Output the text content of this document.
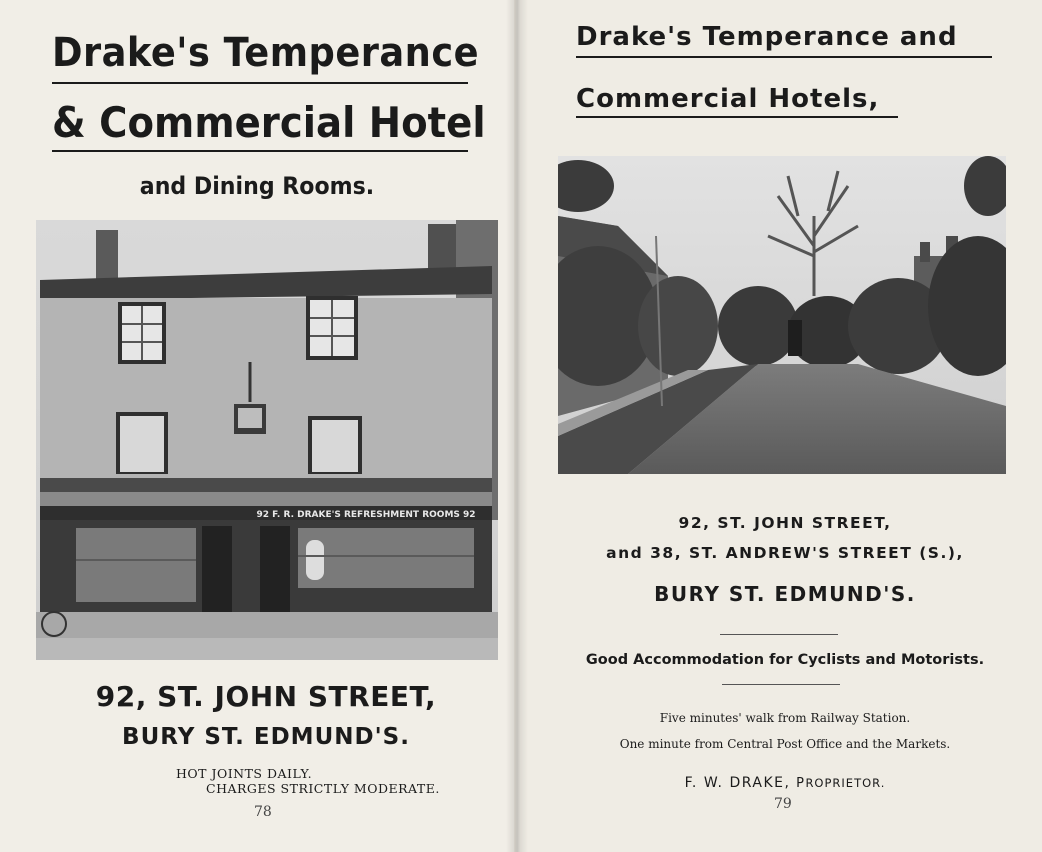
Drake's Temperance
& Commercial Hotel
and Dining Rooms.
92 F. R. DRAKE'S REFRESHMENT ROOMS 92
92, ST. JOHN STREET,
BURY ST. EDMUND'S.
HOT JOINTS DAILY.
CHARGES STRICTLY MODERATE.
78
Drake's Temperance and
Commercial Hotels,
92, ST. JOHN STREET,
and 38, ST. ANDREW'S STREET (S.),
BURY ST. EDMUND'S.
Good Accommodation for Cyclists and Motorists.
Five minutes' walk from Railway Station.
One minute from Central Post Office and the Markets.
F. W. DRAKE, PROPRIETOR.
79
